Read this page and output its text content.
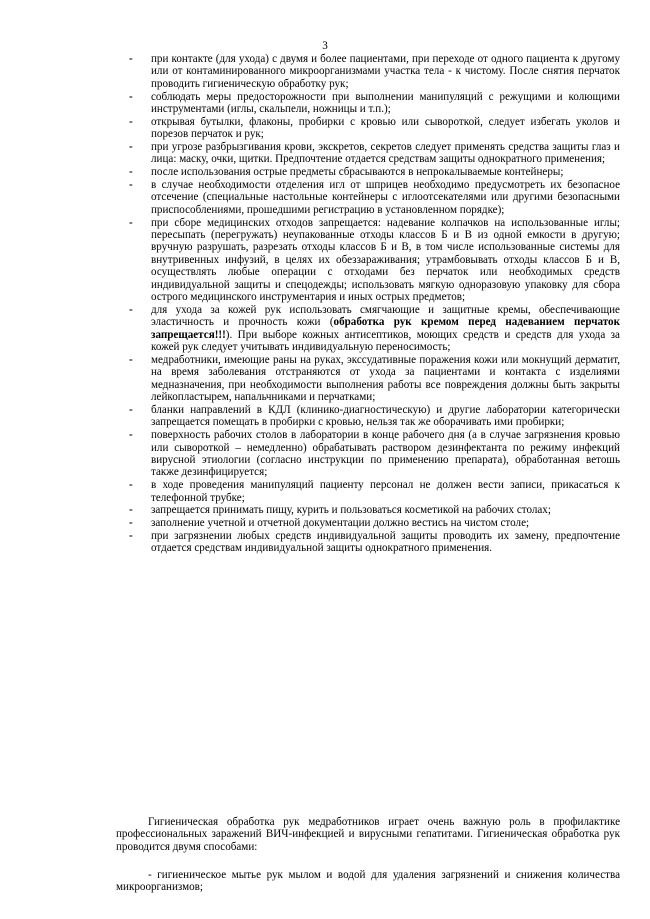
3
- при контакте (для ухода) с двумя и более пациентами, при переходе от одного пациента к другому или от контаминированного микроорганизмами участка тела - к чистому. После снятия перчаток проводить гигиеническую обработку рук;
- соблюдать меры предосторожности при выполнении манипуляций с режущими и колющими инструментами (иглы, скальпели, ножницы и т.п.);
- открывая бутылки, флаконы, пробирки с кровью или сывороткой, следует избегать уколов и порезов перчаток и рук;
- при угрозе разбрызгивания крови, экскретов, секретов следует применять средства защиты глаз и лица: маску, очки, щитки. Предпочтение отдается средствам защиты однократного применения;
- после использования острые предметы сбрасываются в непрокалываемые контейнеры;
- в случае необходимости отделения игл от шприцев необходимо предусмотреть их безопасное отсечение (специальные настольные контейнеры с иглоотсекателями или другими безопасными приспособлениями, прошедшими регистрацию в установленном порядке);
- при сборе медицинских отходов запрещается: надевание колпачков на использованные иглы; пересыпать (перегружать) неупакованные отходы классов Б и В из одной емкости в другую; вручную разрушать, разрезать отходы классов Б и В, в том числе использованные системы для внутривенных инфузий, в целях их обеззараживания; утрамбовывать отходы классов Б и В, осуществлять любые операции с отходами без перчаток или необходимых средств индивидуальной защиты и спецодежды; использовать мягкую одноразовую упаковку для сбора острого медицинского инструментария и иных острых предметов;
- для ухода за кожей рук использовать смягчающие и защитные кремы, обеспечивающие эластичность и прочность кожи (обработка рук кремом перед надеванием перчаток запрещается!!!). При выборе кожных антисептиков, моющих средств и средств для ухода за кожей рук следует учитывать индивидуальную переносимость;
- медработники, имеющие раны на руках, экссудативные поражения кожи или мокнущий дерматит, на время заболевания отстраняются от ухода за пациентами и контакта с изделиями медназначения, при необходимости выполнения работы все повреждения должны быть закрыты лейкопластырем, напальчниками и перчатками;
- бланки направлений в КДЛ (клинико-диагностическую) и другие лаборатории категорически запрещается помещать в пробирки с кровью, нельзя так же оборачивать ими пробирки;
- поверхность рабочих столов в лаборатории в конце рабочего дня (а в случае загрязнения кровью или сывороткой – немедленно) обрабатывать раствором дезинфектанта по режиму инфекций вирусной этиологии (согласно инструкции по применению препарата), обработанная ветошь также дезинфицируется;
- в ходе проведения манипуляций пациенту персонал не должен вести записи, прикасаться к телефонной трубке;
- запрещается принимать пищу, курить и пользоваться косметикой на рабочих столах;
- заполнение учетной и отчетной документации должно вестись на чистом столе;
- при загрязнении любых средств индивидуальной защиты проводить их замену, предпочтение отдается средствам индивидуальной защиты однократного применения.

Гигиеническая обработка рук медработников играет очень важную роль в профилактике профессиональных заражений ВИЧ-инфекцией и вирусными гепатитами. Гигиеническая обработка рук проводится двумя способами:

- гигиеническое мытье рук мылом и водой для удаления загрязнений и снижения количества микроорганизмов;
